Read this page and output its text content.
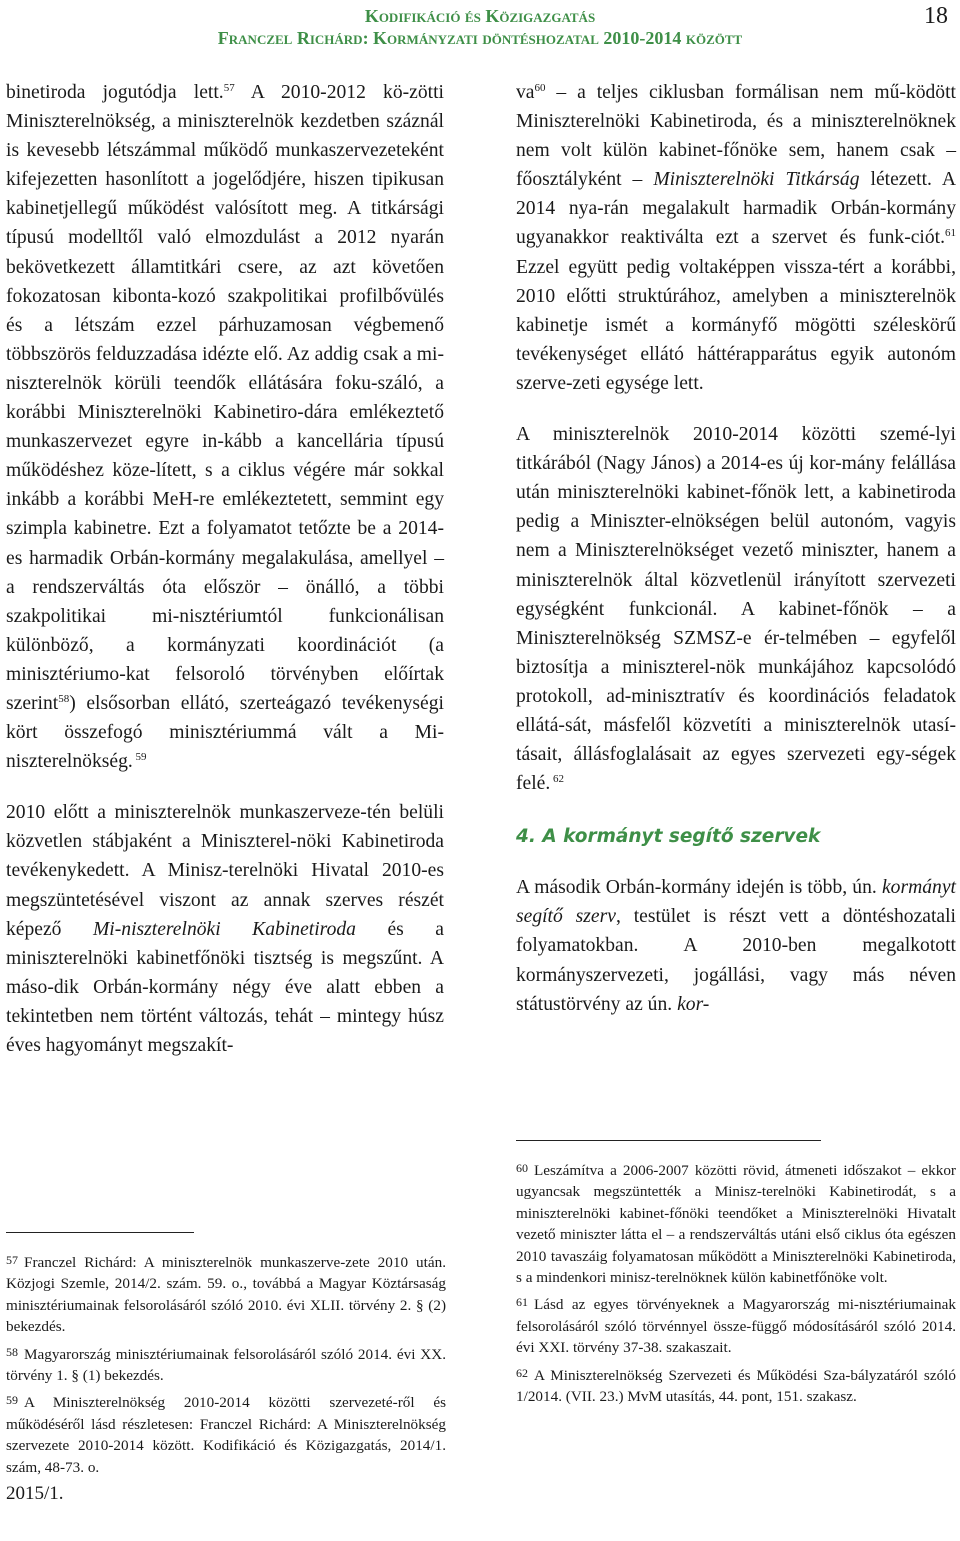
Kodifikáció és Közigazgatás
Franczel Richárd: Kormányzati döntéshozatal 2010-2014 között
18

binetiroda jogutódja lett.$^{57}$ A 2010-2012 kö-zötti Miniszterelnökség, a miniszterelnök kezdetben száznál is kevesebb létszámmal működő munkaszervezeteként kifejezetten hasonlított a jogelődjére, hiszen tipikusan kabinetjellegű működést valósított meg. A titkársági típusú modelltől való elmozdulást a 2012 nyarán bekövetkezett államtitkári csere, az azt követően fokozatosan kibonta-kozó szakpolitikai profilbővülés és a létszám ezzel párhuzamosan végbemenő többszörös felduzzadása idézte elő. Az addig csak a mi-niszterelnök körüli teendők ellátására foku-száló, a korábbi Miniszterelnöki Kabinetiro-dára emlékeztető munkaszervezet egyre in-kább a kancellária típusú működéshez köze-lített, s a ciklus végére már sokkal inkább a korábbi MeH-re emlékeztetett, semmint egy szimpla kabinetre. Ezt a folyamatot tetőzte be a 2014-es harmadik Orbán-kormány megalakulása, amellyel – a rendszerváltás óta először – önálló, a többi szakpolitikai mi-nisztériumtól funkcionálisan különböző, a kormányzati koordinációt (a minisztériumo-kat felsoroló törvényben előírtak szerint$^{58}$) elsősorban ellátó, szerteágazó tevékenységi kört összefogó minisztériummá vált a Mi-niszterelnökség. $^{59}$

2010 előtt a miniszterelnök munkaszerveze-tén belüli közvetlen stábjaként a Miniszterel-nöki Kabinetiroda tevékenykedett. A Minisz-terelnöki Hivatal 2010-es megszüntetésével viszont az annak szerves részét képező Mi-niszterelnöki Kabinetiroda és a miniszterelnöki kabinetfőnöki tisztség is megszűnt. A máso-dik Orbán-kormány négy éve alatt ebben a tekintetben nem történt változás, tehát – mintegy húsz éves hagyományt megszakít-

$va^{60}$ – a teljes ciklusban formálisan nem mű-ködött Miniszterelnöki Kabinetiroda, és a miniszterelnöknek nem volt külön kabinet-főnöke sem, hanem csak – főosztályként – Miniszterelnöki Titkárság létezett. A 2014 nya-rán megalakult harmadik Orbán-kormány ugyanakkor reaktiválta ezt a szervet és funk-ciót.$^{61}$ Ezzel együtt pedig voltaképpen vissza-tért a korábbi, 2010 előtti struktúrához, amelyben a miniszterelnök kabinetje ismét a kormányfő mögötti széleskörű tevékenységet ellátó háttérapparátus egyik autonóm szerve-zeti egysége lett.

A miniszterelnök 2010-2014 közötti szemé-lyi titkárából (Nagy János) a 2014-es új kor-mány felállása után miniszterelnöki kabinet-főnök lett, a kabinetiroda pedig a Miniszter-elnökségen belül autonóm, vagyis nem a Miniszterelnökséget vezető miniszter, hanem a miniszterelnök által közvetlenül irányított szervezeti egységként funkcionál. A kabinet-főnök – a Miniszterelnökség SZMSZ-e ér-telmében – egyfelől biztosítja a miniszterel-nök munkájához kapcsolódó protokoll, ad-minisztratív és koordinációs feladatok ellátá-sát, másfelől közvetíti a miniszterelnök utasí-tásait, állásfoglalásait az egyes szervezeti egy-ségek felé. $^{62}$

4. A kormányt segítő szervek

A második Orbán-kormány idején is több, ún. kormányt segítő szerv, testület is részt vett a döntéshozatali folyamatokban. A 2010-ben megalkotott kormányszervezeti, jogállási, vagy más néven státustörvény az ún. kor-

57 Franczel Richárd: A miniszterelnök munkaszerve-zete 2010 után. Közjogi Szemle, 2014/2. szám. 59. o., továbbá a Magyar Köztársaság minisztériumainak felsorolásáról szóló 2010. évi XLII. törvény 2. § (2) bekezdés.

58 Magyarország minisztériumainak felsorolásáról szóló 2014. évi XX. törvény 1. § (1) bekezdés.

59 A Miniszterelnökség 2010-2014 közötti szervezeté-ről és működéséről lásd részletesen: Franczel Richárd: A Miniszterelnökség szervezete 2010-2014 között. Kodifikáció és Közigazgatás, 2014/1. szám, 48-73. o.

2015/1.

60 Leszámítva a 2006-2007 közötti rövid, átmeneti időszakot – ekkor ugyancsak megszüntették a Minisz-terelnöki Kabinetirodát, s a miniszterelnöki kabinet-főnöki teendőket a Miniszterelnöki Hivatalt vezető miniszter látta el – a rendszerváltás utáni első ciklus óta egészen 2010 tavaszáig folyamatosan működött a Miniszterelnöki Kabinetiroda, s a mindenkori minisz-terelnöknek külön kabinetfőnöke volt.

61 Lásd az egyes törvényeknek a Magyarország mi-nisztériumainak felsorolásáról szóló törvénnyel össze-függő módosításáról szóló 2014. évi XXI. törvény 37-38. szakaszait.

62 A Miniszterelnökség Szervezeti és Működési Sza-bályzatáról szóló 1/2014. (VII. 23.) MvM utasítás, 44. pont, 151. szakasz.
